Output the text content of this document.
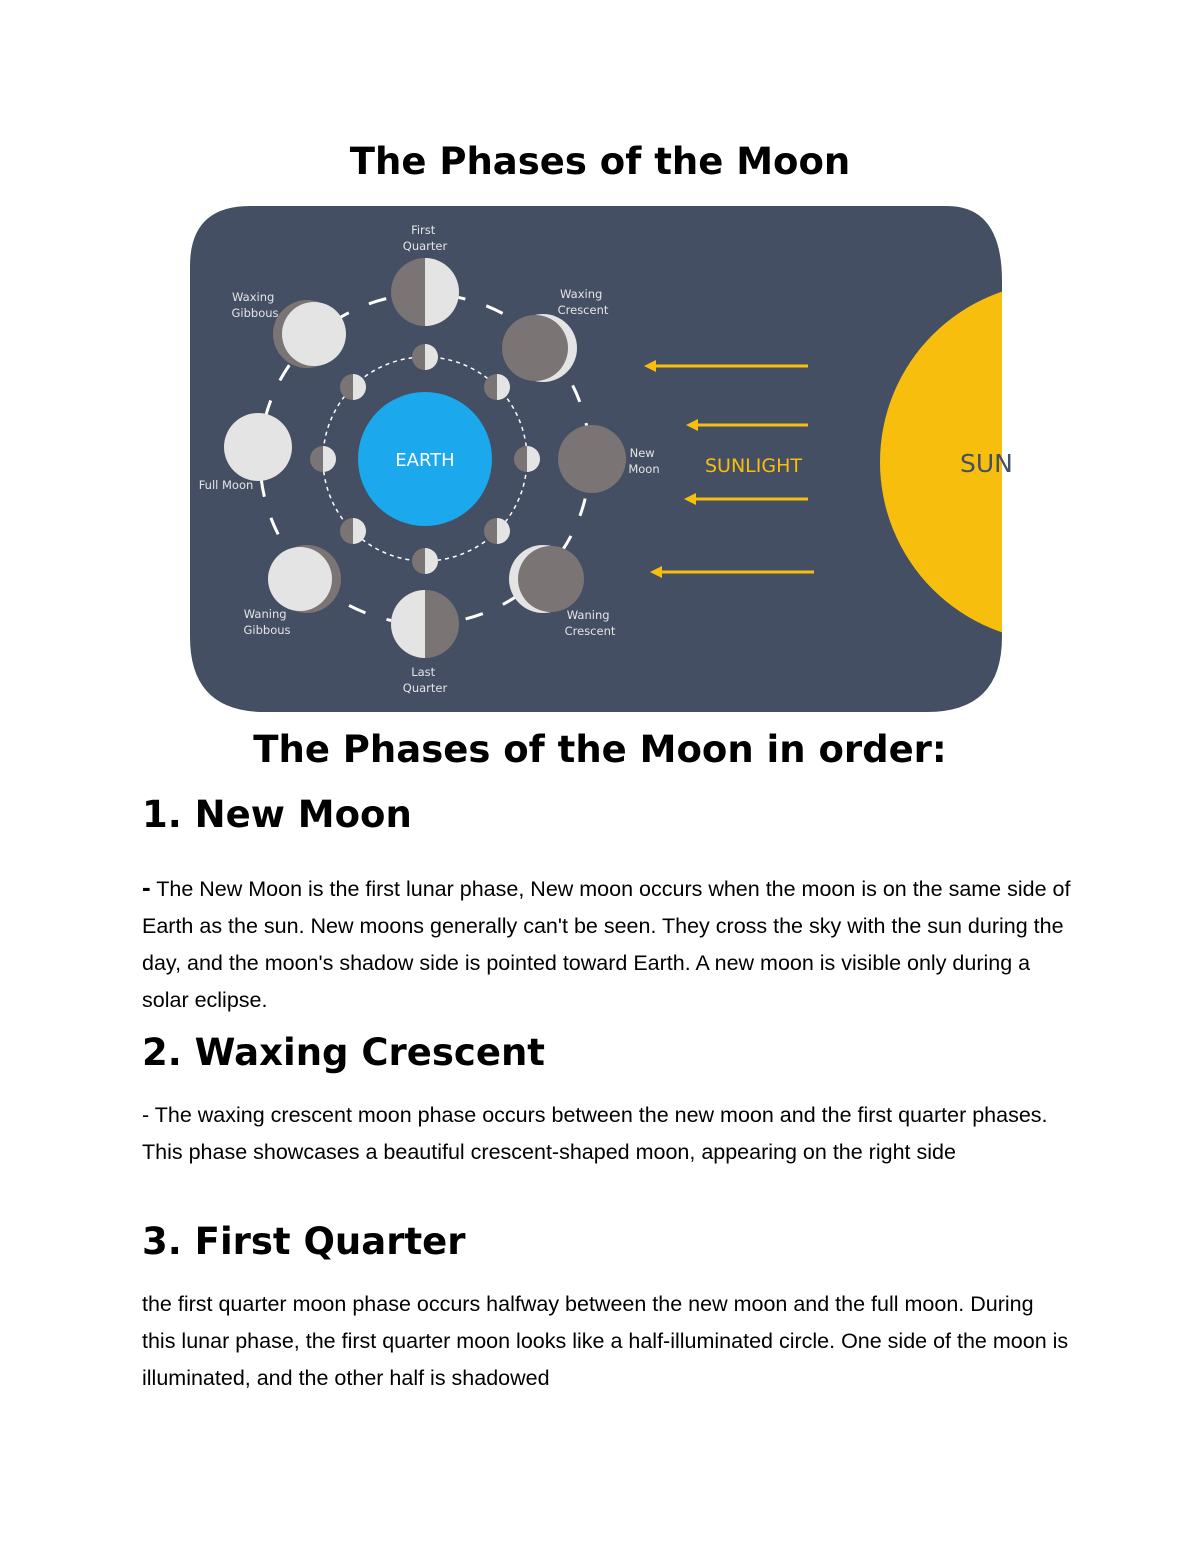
The Phases of the Moon
SUN
SUNLIGHT
EARTH
First Quarter
Waxing Crescent
New Moon
Waning Crescent
Last Quarter
Waning Gibbous
Full Moon
Waxing Gibbous
The Phases of the Moon in order:
1. New Moon

- The New Moon is the first lunar phase, New moon occurs when the moon is on the same side of Earth as the sun. New moons generally can't be seen. They cross the sky with the sun during the day, and the moon's shadow side is pointed toward Earth. A new moon is visible only during a solar eclipse.

2. Waxing Crescent

- The waxing crescent moon phase occurs between the new moon and the first quarter phases. This phase showcases a beautiful crescent-shaped moon, appearing on the right side

3. First Quarter

the first quarter moon phase occurs halfway between the new moon and the full moon. During this lunar phase, the first quarter moon looks like a half-illuminated circle. One side of the moon is illuminated, and the other half is shadowed
